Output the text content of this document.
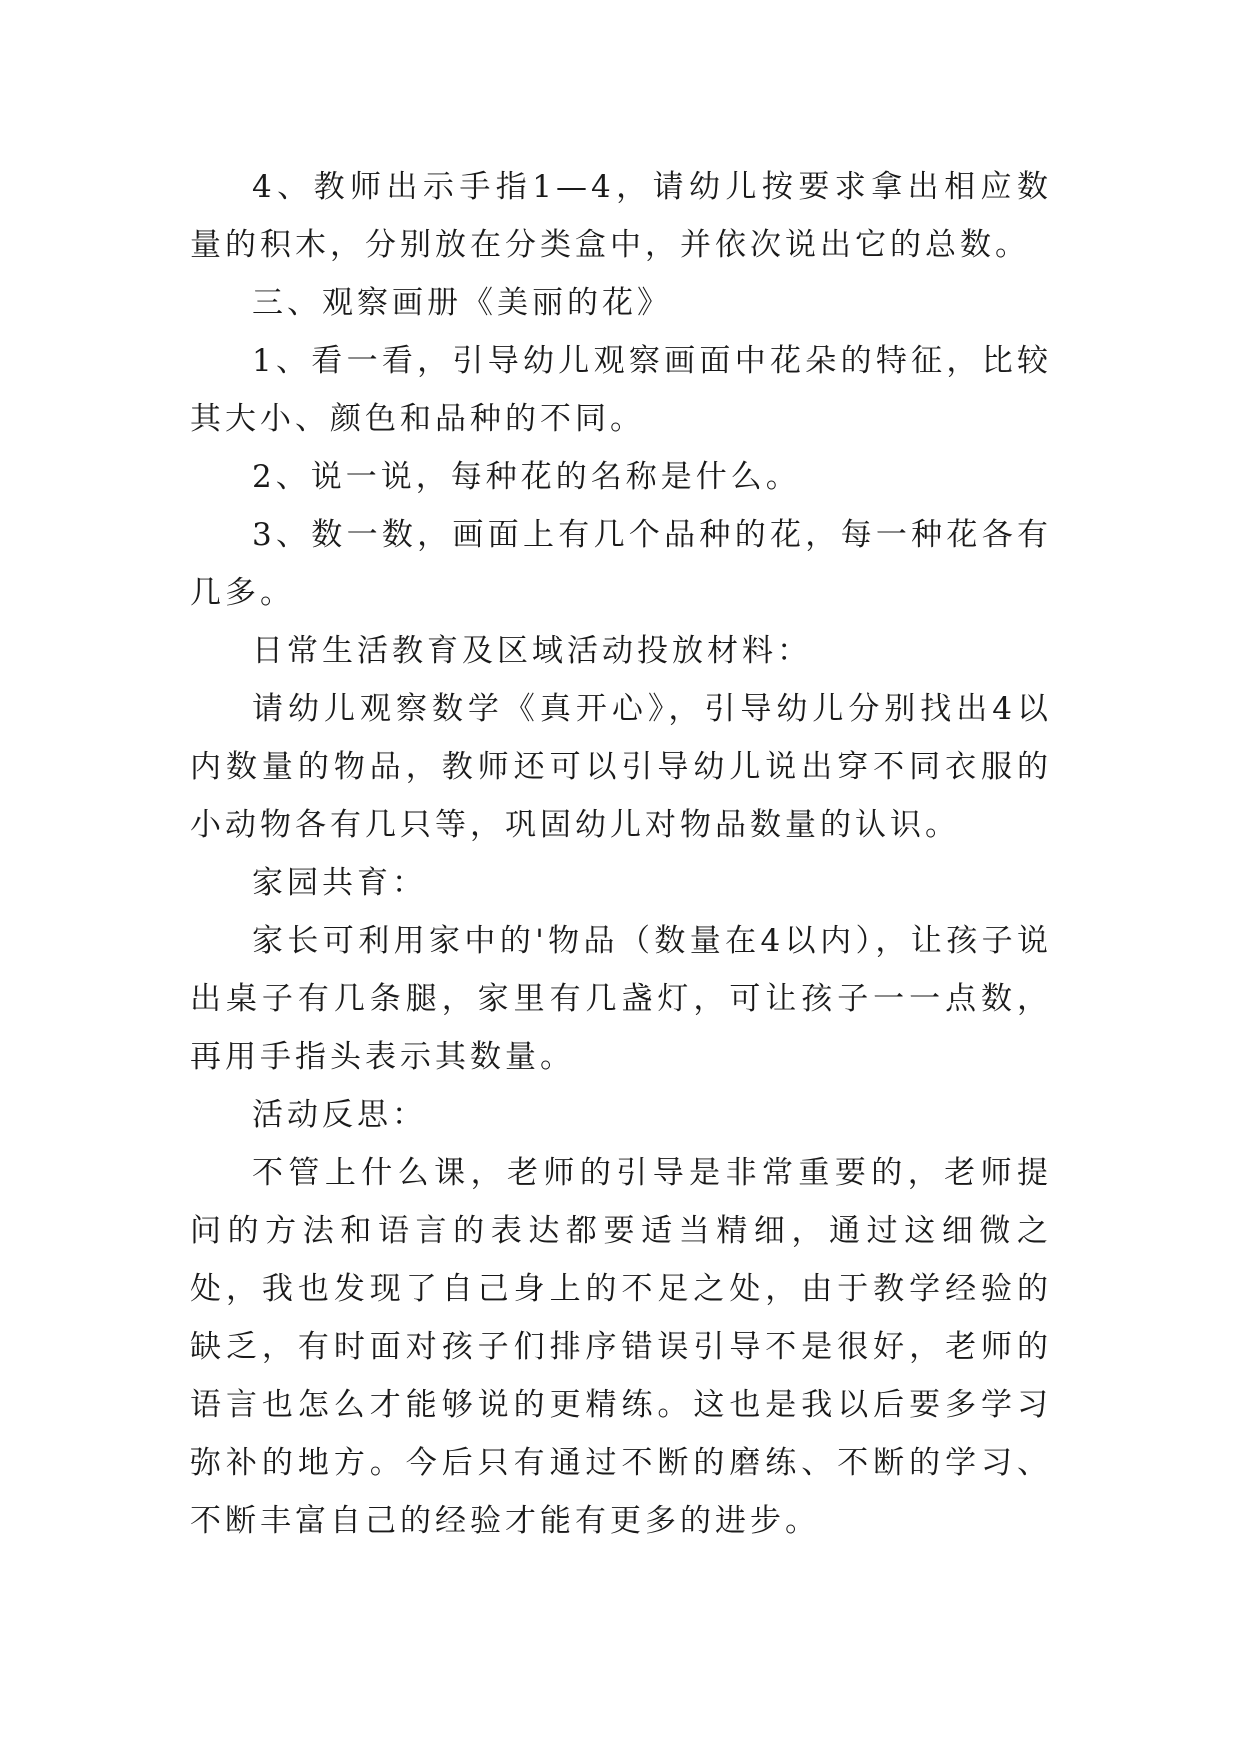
4、教师出示手指1—4，请幼儿按要求拿出相应数量的积木，分别放在分类盒中，并依次说出它的总数。

三、观察画册《美丽的花》

1、看一看，引导幼儿观察画面中花朵的特征，比较其大小、颜色和品种的不同。

2、说一说，每种花的名称是什么。

3、数一数，画面上有几个品种的花，每一种花各有几多。

日常生活教育及区域活动投放材料：

请幼儿观察数学《真开心》，引导幼儿分别找出4以内数量的物品，教师还可以引导幼儿说出穿不同衣服的小动物各有几只等，巩固幼儿对物品数量的认识。

家园共育：

家长可利用家中的'物品（数量在4以内），让孩子说出桌子有几条腿，家里有几盏灯，可让孩子一一点数，再用手指头表示其数量。

活动反思：

不管上什么课，老师的引导是非常重要的，老师提问的方法和语言的表达都要适当精细，通过这细微之处，我也发现了自己身上的不足之处，由于教学经验的缺乏，有时面对孩子们排序错误引导不是很好，老师的语言也怎么才能够说的更精练。这也是我以后要多学习弥补的地方。今后只有通过不断的磨练、不断的学习、不断丰富自己的经验才能有更多的进步。
